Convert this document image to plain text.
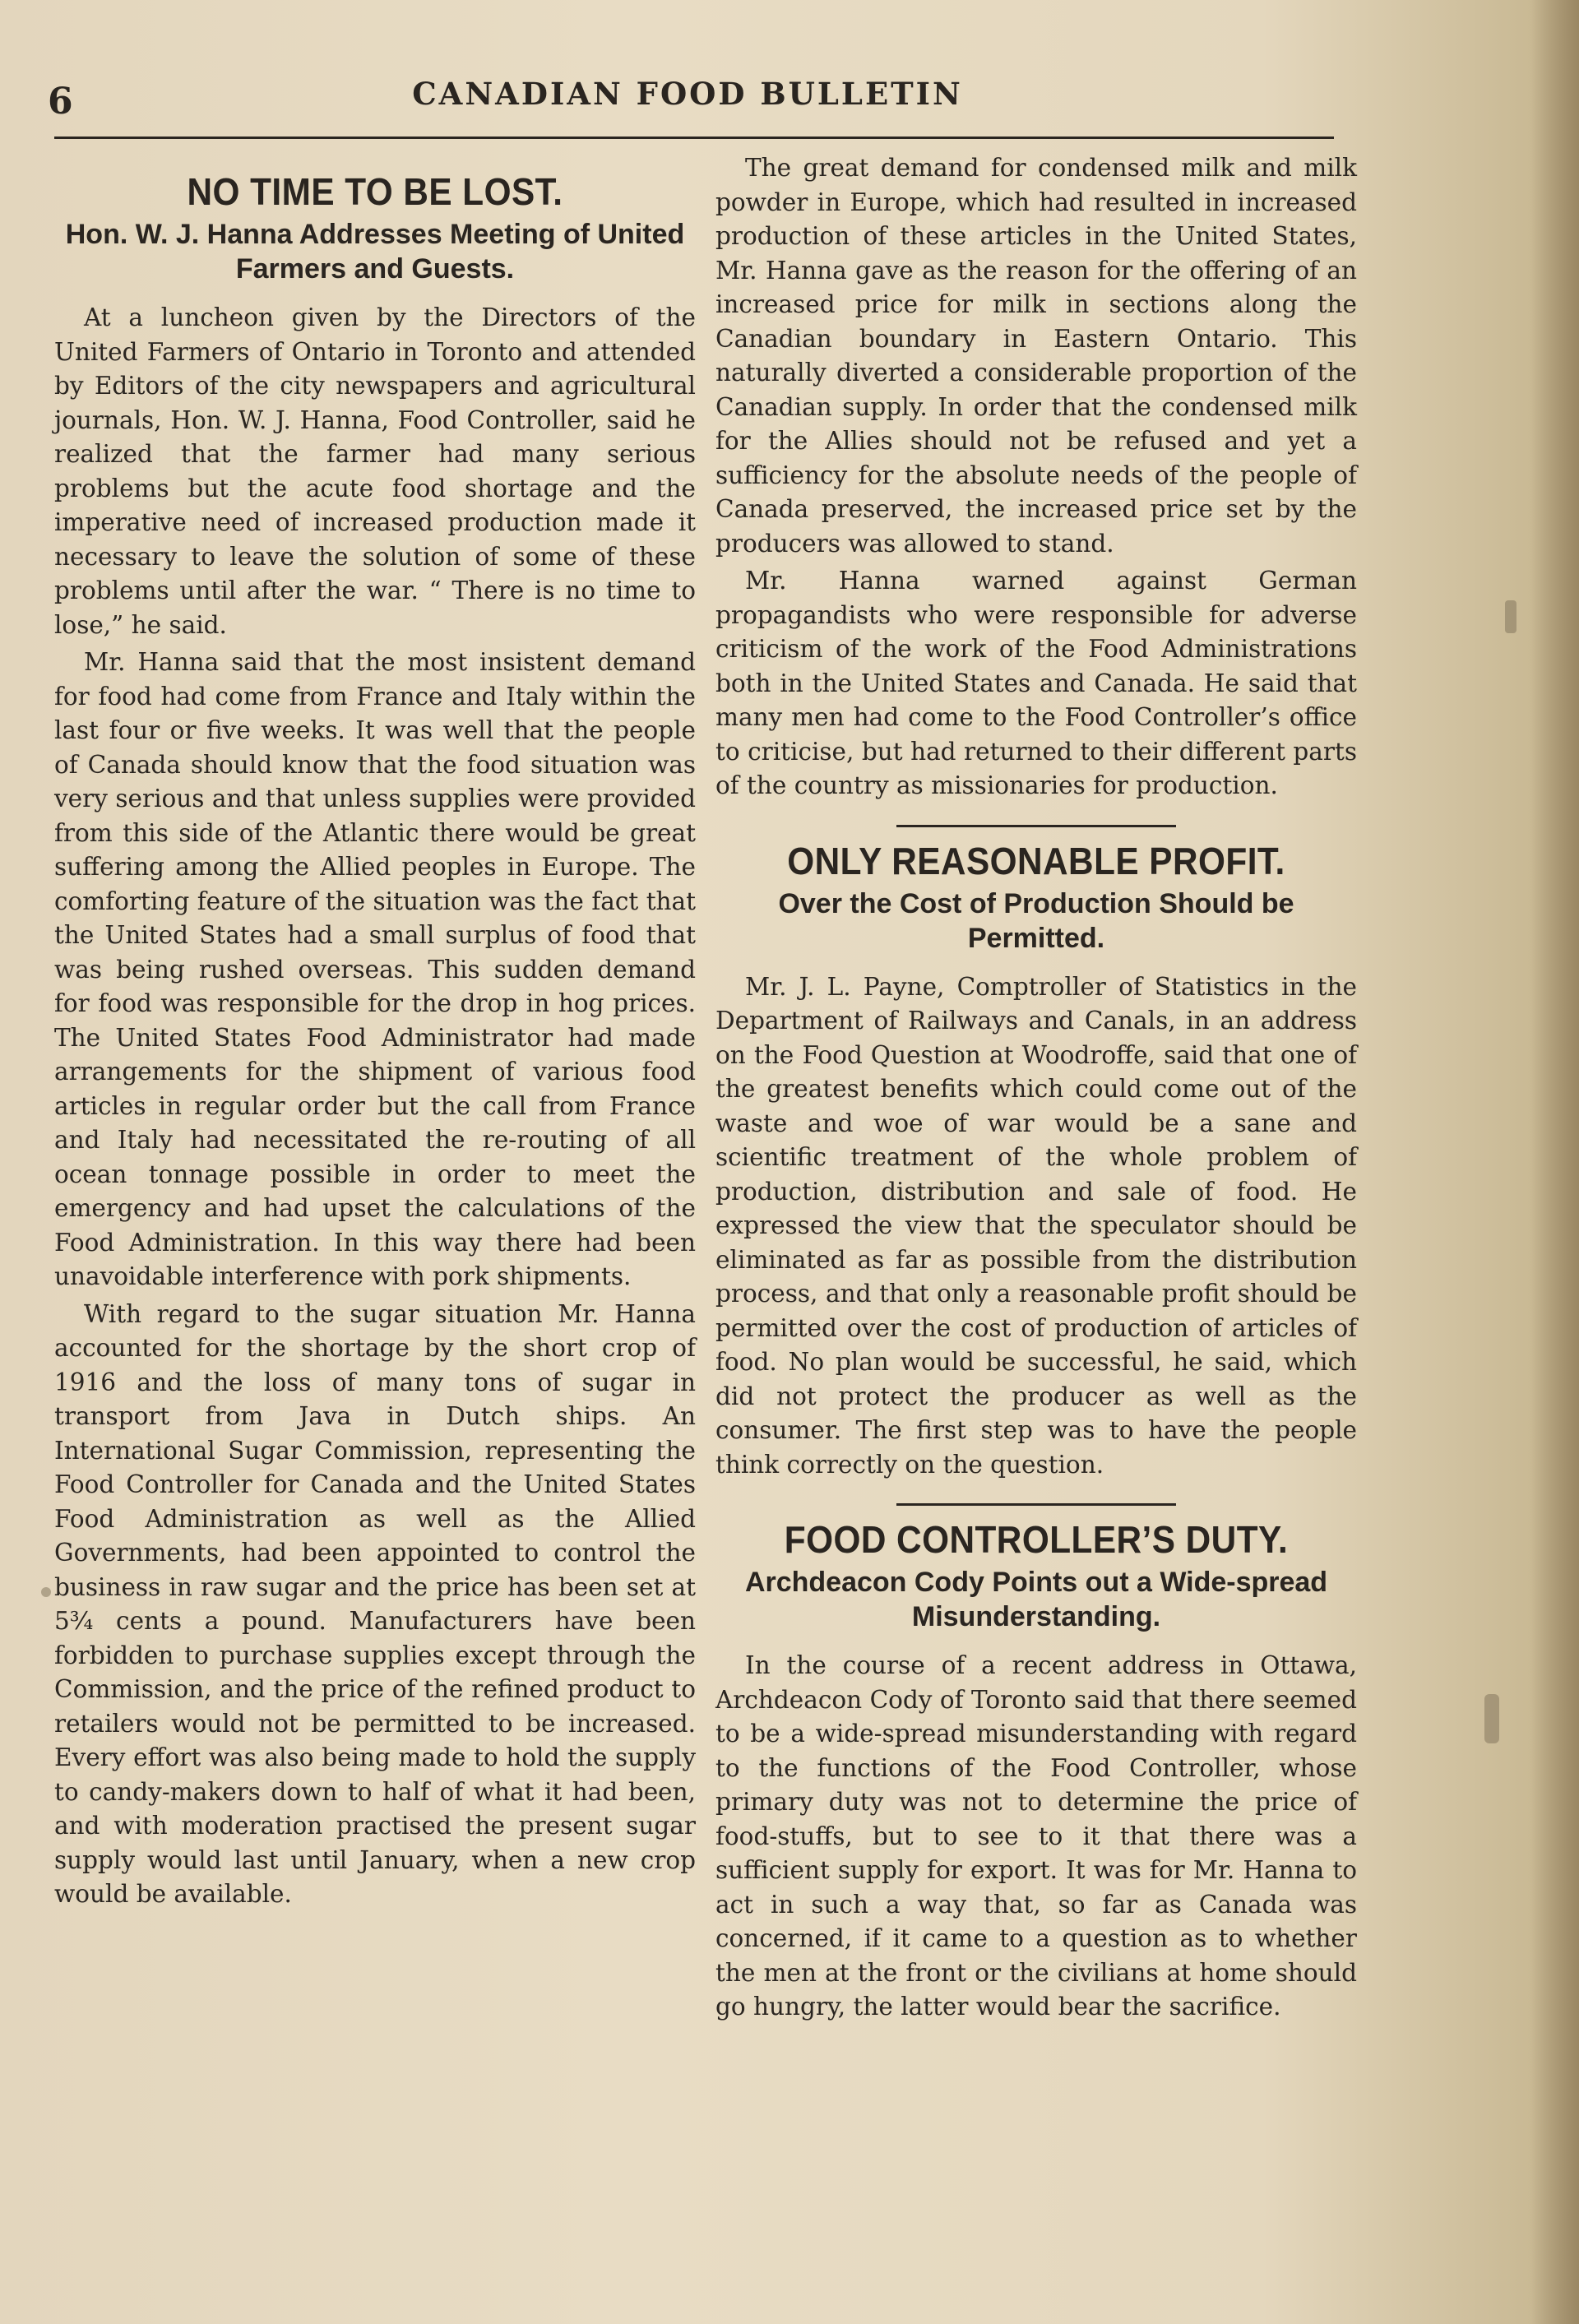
6	CANADIAN FOOD BULLETIN
NO TIME TO BE LOST.
Hon. W. J. Hanna Addresses Meeting of United Farmers and Guests.

At a luncheon given by the Directors of the United Farmers of Ontario in Toronto and attended by Editors of the city newspapers and agricultural journals, Hon. W. J. Hanna, Food Controller, said he realized that the farmer had many serious problems but the acute food shortage and the imperative need of increased production made it necessary to leave the solution of some of these problems until after the war. “ There is no time to lose,” he said.

Mr. Hanna said that the most insistent demand for food had come from France and Italy within the last four or five weeks. It was well that the people of Canada should know that the food situation was very serious and that unless supplies were provided from this side of the Atlantic there would be great suffering among the Allied peoples in Europe. The comforting feature of the situation was the fact that the United States had a small surplus of food that was being rushed overseas. This sudden demand for food was responsible for the drop in hog prices. The United States Food Administrator had made arrangements for the shipment of various food articles in regular order but the call from France and Italy had necessitated the re-routing of all ocean tonnage possible in order to meet the emergency and had upset the calculations of the Food Administration. In this way there had been unavoidable interference with pork shipments.

With regard to the sugar situation Mr. Hanna accounted for the shortage by the short crop of 1916 and the loss of many tons of sugar in transport from Java in Dutch ships. An International Sugar Commission, representing the Food Controller for Canada and the United States Food Administration as well as the Allied Governments, had been appointed to control the business in raw sugar and the price has been set at 5¾ cents a pound. Manufacturers have been forbidden to purchase supplies except through the Commission, and the price of the refined product to retailers would not be permitted to be increased. Every effort was also being made to hold the supply to candy-makers down to half of what it had been, and with moderation practised the present sugar supply would last until January, when a new crop would be available.

The great demand for condensed milk and milk powder in Europe, which had resulted in increased production of these articles in the United States, Mr. Hanna gave as the reason for the offering of an increased price for milk in sections along the Canadian boundary in Eastern Ontario. This naturally diverted a considerable proportion of the Canadian supply. In order that the condensed milk for the Allies should not be refused and yet a sufficiency for the absolute needs of the people of Canada preserved, the increased price set by the producers was allowed to stand.

Mr. Hanna warned against German propagandists who were responsible for adverse criticism of the work of the Food Administrations both in the United States and Canada. He said that many men had come to the Food Controller’s office to criticise, but had returned to their different parts of the country as missionaries for production.

ONLY REASONABLE PROFIT.
Over the Cost of Production Should be Permitted.

Mr. J. L. Payne, Comptroller of Statistics in the Department of Railways and Canals, in an address on the Food Question at Woodroffe, said that one of the greatest benefits which could come out of the waste and woe of war would be a sane and scientific treatment of the whole problem of production, distribution and sale of food. He expressed the view that the speculator should be eliminated as far as possible from the distribution process, and that only a reasonable profit should be permitted over the cost of production of articles of food. No plan would be successful, he said, which did not protect the producer as well as the consumer. The first step was to have the people think correctly on the question.

FOOD CONTROLLER’S DUTY.
Archdeacon Cody Points out a Wide-spread Misunderstanding.

In the course of a recent address in Ottawa, Archdeacon Cody of Toronto said that there seemed to be a wide-spread misunderstanding with regard to the functions of the Food Controller, whose primary duty was not to determine the price of food-stuffs, but to see to it that there was a sufficient supply for export. It was for Mr. Hanna to act in such a way that, so far as Canada was concerned, if it came to a question as to whether the men at the front or the civilians at home should go hungry, the latter would bear the sacrifice.
